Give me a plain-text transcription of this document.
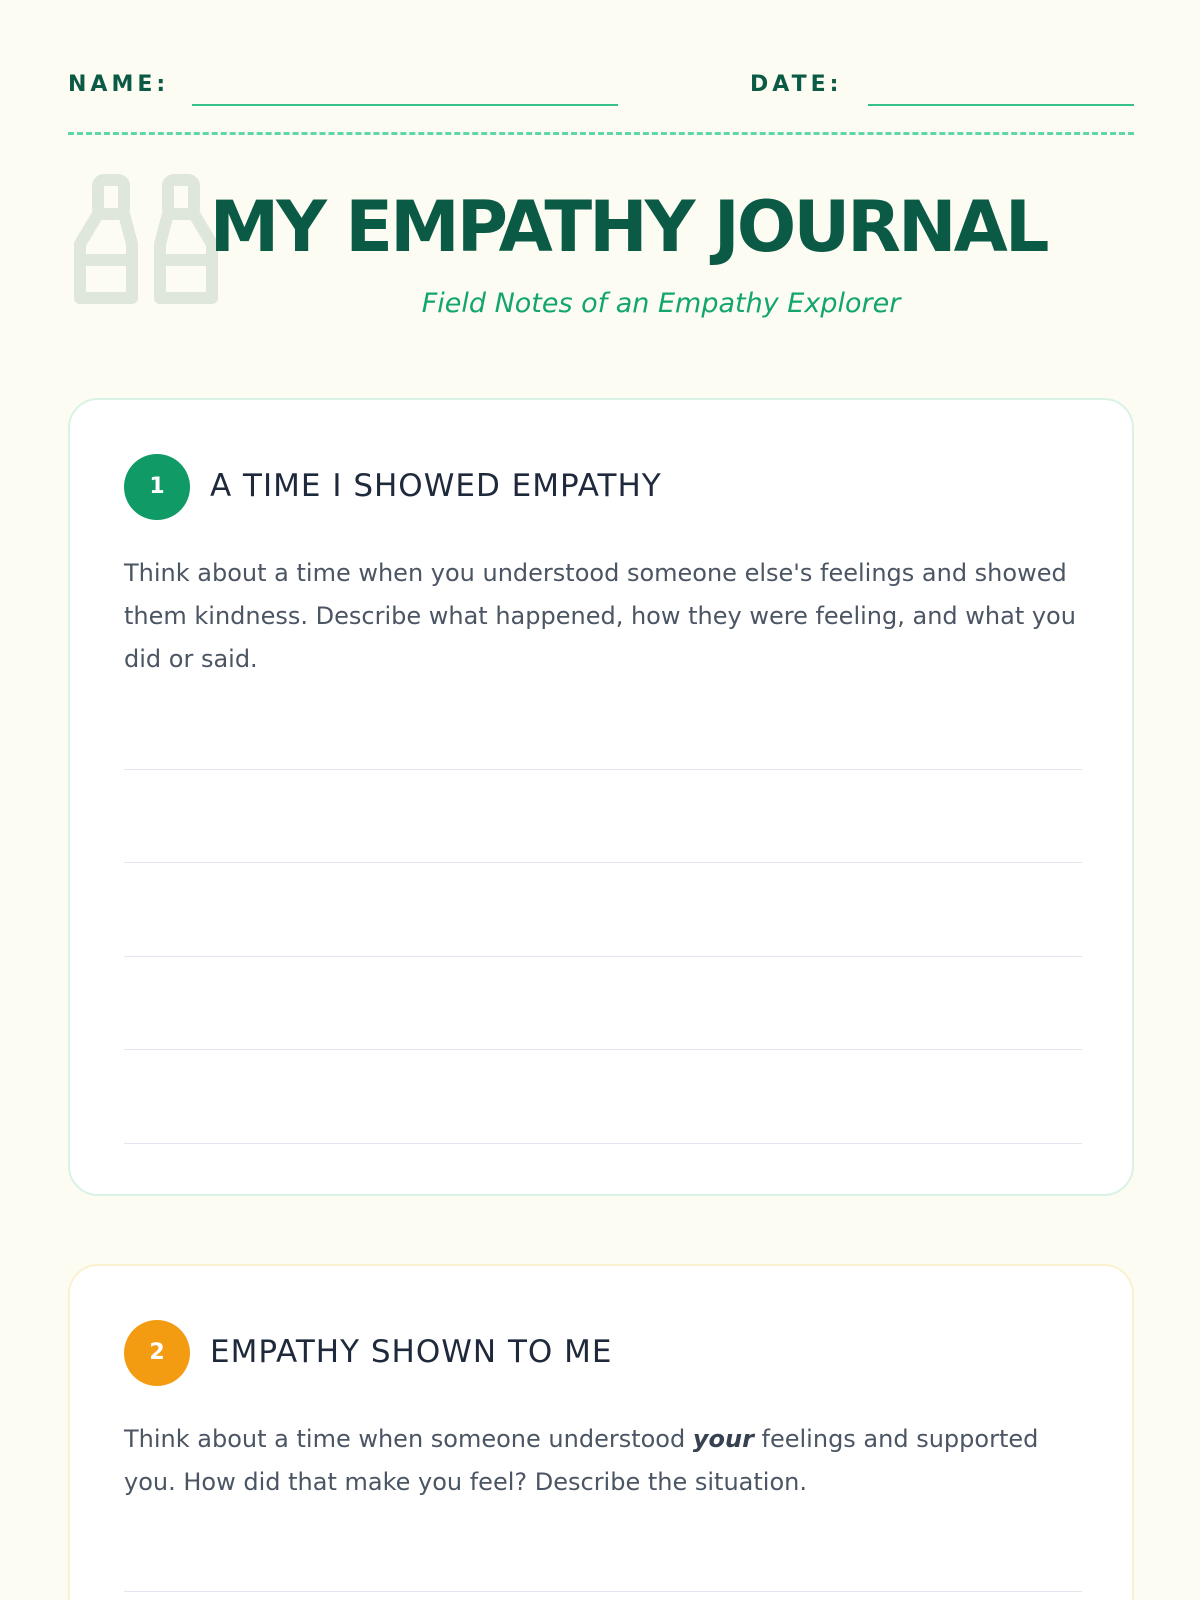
NAME:	DATE:
MY EMPATHY JOURNAL
Field Notes of an Empathy Explorer
1	A TIME I SHOWED EMPATHY

Think about a time when you understood someone else's feelings and showed them kindness. Describe what happened, how they were feeling, and what you did or said.

2	EMPATHY SHOWN TO ME

Think about a time when someone understood your feelings and supported you. How did that make you feel? Describe the situation.
